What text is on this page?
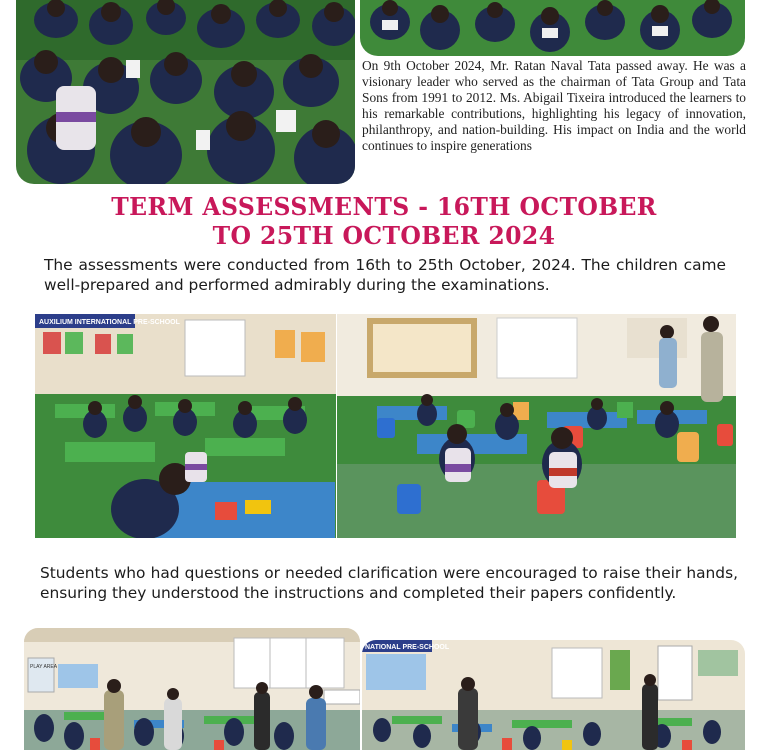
On 9th October 2024, Mr. Ratan Naval Tata passed away. He was a visionary leader who served as the chairman of Tata Group and Tata Sons from 1991 to 2012. Ms. Abigail Tixeira introduced the learners to his remarkable contributions, highlighting his legacy of innovation, philanthropy, and nation-building. His impact on India and the world continues to inspire generations

TERM ASSESSMENTS - 16TH OCTOBER
TO 25TH OCTOBER 2024

The assessments were conducted from 16th to 25th October, 2024. The children came well-prepared and performed admirably during the examinations.

AUXILIUM INTERNATIONAL PRE-SCHOOL

Students who had questions or needed clarification were encouraged to raise their hands, ensuring they understood the instructions and completed their papers confidently.

PLAY AREA
NATIONAL PRE-SCHOOL
